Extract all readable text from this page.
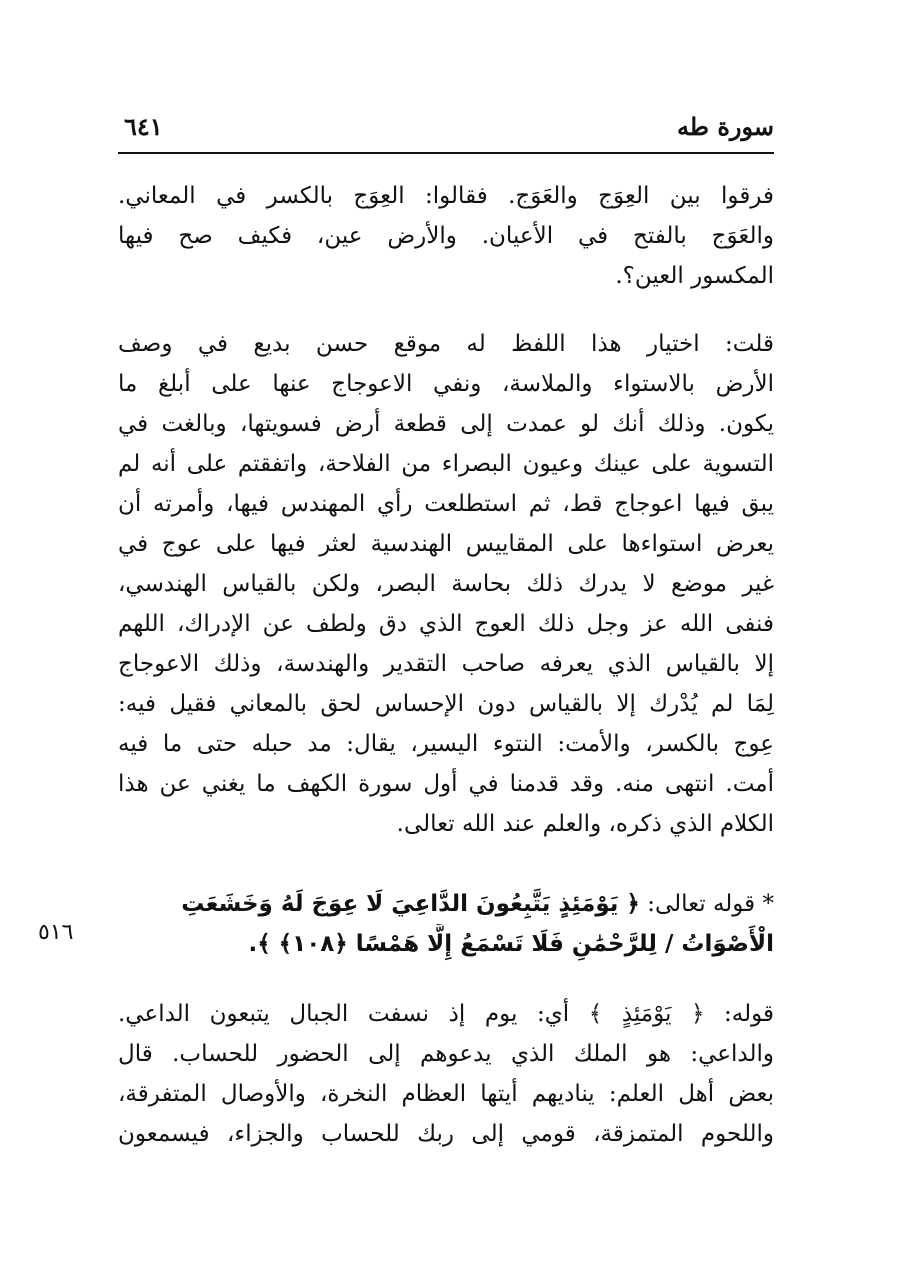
سورة طه
٦٤١
فرقوا بين العِوَج والعَوَج. فقالوا: العِوَج بالكسر في المعاني.
والعَوَج بالفتح في الأعيان. والأرض عين، فكيف صح فيها
المكسور العين؟.
قلت: اختيار هذا اللفظ له موقع حسن بديع في وصف
الأرض بالاستواء والملاسة، ونفي الاعوجاج عنها على أبلغ ما
يكون. وذلك أنك لو عمدت إلى قطعة أرض فسويتها، وبالغت في
التسوية على عينك وعيون البصراء من الفلاحة، واتفقتم على أنه لم
يبق فيها اعوجاج قط، ثم استطلعت رأي المهندس فيها، وأمرته أن
يعرض استواءها على المقاييس الهندسية لعثر فيها على عوج في
غير موضع لا يدرك ذلك بحاسة البصر، ولكن بالقياس الهندسي،
فنفى الله عز وجل ذلك العوج الذي دق ولطف عن الإدراك، اللهم
إلا بالقياس الذي يعرفه صاحب التقدير والهندسة، وذلك الاعوجاج
لِمَا لم يُدْرك إلا بالقياس دون الإحساس لحق بالمعاني فقيل فيه:
عِوج بالكسر، والأمت: النتوء اليسير، يقال: مد حبله حتى ما فيه
أمت. انتهى منه. وقد قدمنا في أول سورة الكهف ما يغني عن هذا
الكلام الذي ذكره، والعلم عند الله تعالى.
* قوله تعالى: ﴿ يَوْمَئِذٍ يَتَّبِعُونَ الدَّاعِيَ لَا عِوَجَ لَهُ وَخَشَعَتِ
الْأَصْوَاتُ / لِلرَّحْمَٰنِ فَلَا تَسْمَعُ إِلَّا هَمْسًا ﴿١٠٨﴾ ﴾.
٥١٦
قوله: ﴿ يَوْمَئِذٍ ﴾ أي: يوم إذ نسفت الجبال يتبعون الداعي.
والداعي: هو الملك الذي يدعوهم إلى الحضور للحساب. قال
بعض أهل العلم: يناديهم أيتها العظام النخرة، والأوصال المتفرقة،
واللحوم المتمزقة، قومي إلى ربك للحساب والجزاء، فيسمعون
